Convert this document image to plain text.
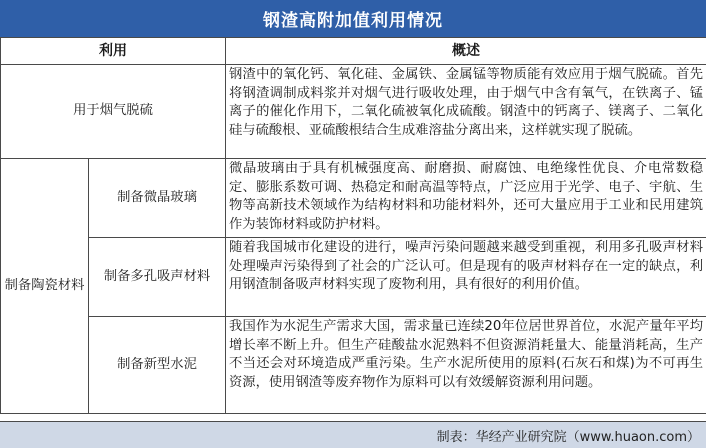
钢渣高附加值利用情况
利用		概述
用于烟气脱硫		钢渣中的氧化钙、氧化硅、金属铁、金属锰等物质能有效应用于烟气脱硫。首先将钢渣调制成料浆并对烟气进行吸收处理，由于烟气中含有氧气，在铁离子、锰离子的催化作用下，二氧化硫被氧化成硫酸。钢渣中的钙离子、镁离子、二氧化硅与硫酸根、亚硫酸根结合生成难溶盐分离出来，这样就实现了脱硫。
制备陶瓷材料	制备微晶玻璃	微晶玻璃由于具有机械强度高、耐磨损、耐腐蚀、电绝缘性优良、介电常数稳定、膨胀系数可调、热稳定和耐高温等特点，广泛应用于光学、电子、宇航、生物等高新技术领域作为结构材料和功能材料外，还可大量应用于工业和民用建筑作为装饰材料或防护材料。
	制备多孔吸声材料	随着我国城市化建设的进行，噪声污染问题越来越受到重视，利用多孔吸声材料处理噪声污染得到了社会的广泛认可。但是现有的吸声材料存在一定的缺点，利用钢渣制备吸声材料实现了废物利用，具有很好的利用价值。
	制备新型水泥	我国作为水泥生产需求大国，需求量已连续20年位居世界首位，水泥产量年平均增长率不断上升。但生产硅酸盐水泥熟料不但资源消耗量大、能量消耗高，生产不当还会对环境造成严重污染。生产水泥所使用的原料(石灰石和煤)为不可再生资源，使用钢渣等废弃物作为原料可以有效缓解资源利用问题。
制表：华经产业研究院（www.huaon.com）
